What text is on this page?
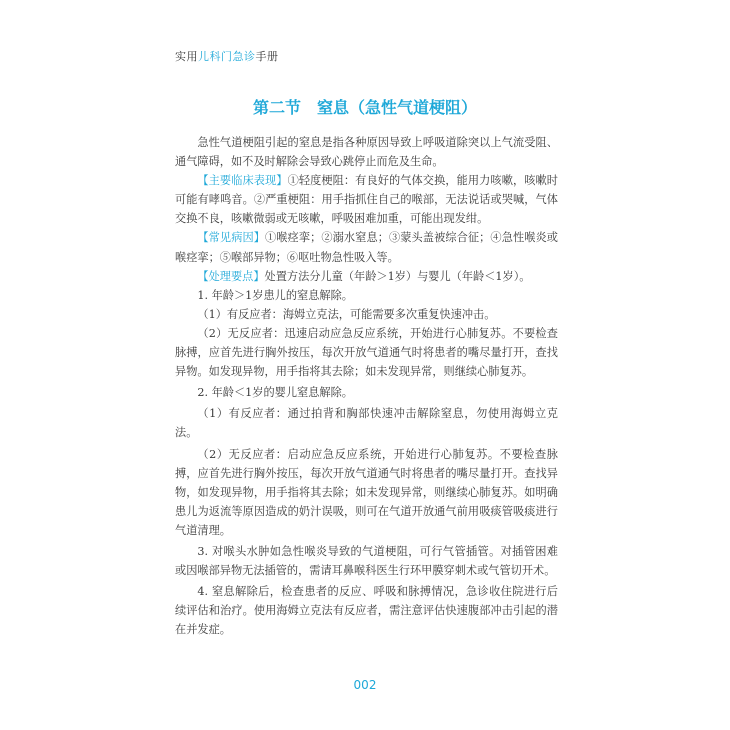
实用儿科门急诊手册
第二节　窒息（急性气道梗阻）

急性气道梗阻引起的窒息是指各种原因导致上呼吸道除突以上气流受阻、通气障碍，如不及时解除会导致心跳停止而危及生命。

【主要临床表现】①轻度梗阻：有良好的气体交换，能用力咳嗽，咳嗽时可能有哮鸣音。②严重梗阻：用手指抓住自己的喉部，无法说话或哭喊，气体交换不良，咳嗽微弱或无咳嗽，呼吸困难加重，可能出现发绀。

【常见病因】①喉痉挛；②溺水窒息；③蒙头盖被综合征；④急性喉炎或喉痉挛；⑤喉部异物；⑥呕吐物急性吸入等。

【处理要点】处置方法分儿童（年龄＞1岁）与婴儿（年龄＜1岁）。

1. 年龄＞1岁患儿的窒息解除。

（1）有反应者：海姆立克法，可能需要多次重复快速冲击。

（2）无反应者：迅速启动应急反应系统，开始进行心肺复苏。不要检查脉搏，应首先进行胸外按压，每次开放气道通气时将患者的嘴尽量打开，查找异物。如发现异物，用手指将其去除；如未发现异常，则继续心肺复苏。

2. 年龄＜1岁的婴儿窒息解除。

（1）有反应者：通过拍背和胸部快速冲击解除窒息，勿使用海姆立克法。

（2）无反应者：启动应急反应系统，开始进行心肺复苏。不要检查脉搏，应首先进行胸外按压，每次开放气道通气时将患者的嘴尽量打开。查找异物，如发现异物，用手指将其去除；如未发现异常，则继续心肺复苏。如明确患儿为返流等原因造成的奶汁误吸，则可在气道开放通气前用吸痰管吸痰进行气道清理。

3. 对喉头水肿如急性喉炎导致的气道梗阻，可行气管插管。对插管困难或因喉部异物无法插管的，需请耳鼻喉科医生行环甲膜穿刺术或气管切开术。

4. 窒息解除后，检查患者的反应、呼吸和脉搏情况，急诊收住院进行后续评估和治疗。使用海姆立克法有反应者，需注意评估快速腹部冲击引起的潜在并发症。

002
